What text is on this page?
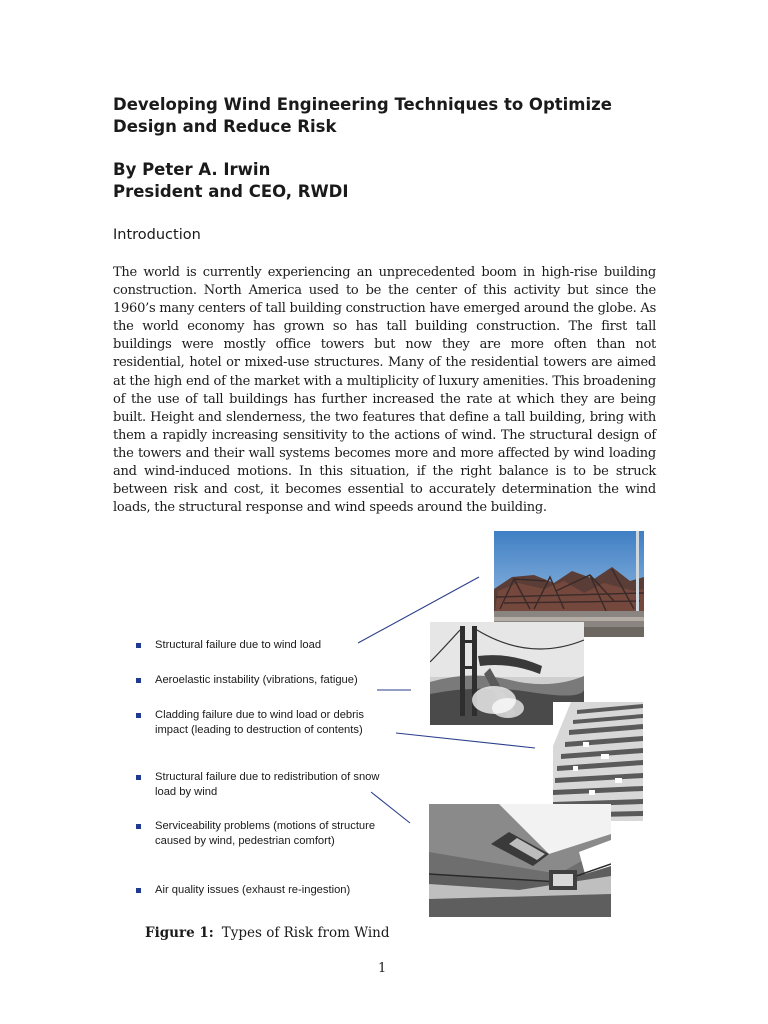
Developing Wind Engineering Techniques to Optimize Design and Reduce Risk
By Peter A. Irwin
President and CEO, RWDI
Introduction

The world is currently experiencing an unprecedented boom in high-rise building construction. North America used to be the center of this activity but since the 1960’s many centers of tall building construction have emerged around the globe. As the world economy has grown so has tall building construction. The first tall buildings were mostly office towers but now they are more often than not residential, hotel or mixed-use structures. Many of the residential towers are aimed at the high end of the market with a multiplicity of luxury amenities. This broadening of the use of tall buildings has further increased the rate at which they are being built. Height and slenderness, the two features that define a tall building, bring with them a rapidly increasing sensitivity to the actions of wind. The structural design of the towers and their wall systems becomes more and more affected by wind loading and wind-induced motions. In this situation, if the right balance is to be struck between risk and cost, it becomes essential to accurately determination the wind loads, the structural response and wind speeds around the building.

Structural failure due to wind load
Aeroelastic instability (vibrations, fatigue)
Cladding failure due to wind load or debris impact (leading to destruction of contents)
Structural failure due to redistribution of snow load by wind
Serviceability problems (motions of structure caused by wind, pedestrian comfort)
Air quality issues (exhaust re-ingestion)
Figure 1: Types of Risk from Wind
1
